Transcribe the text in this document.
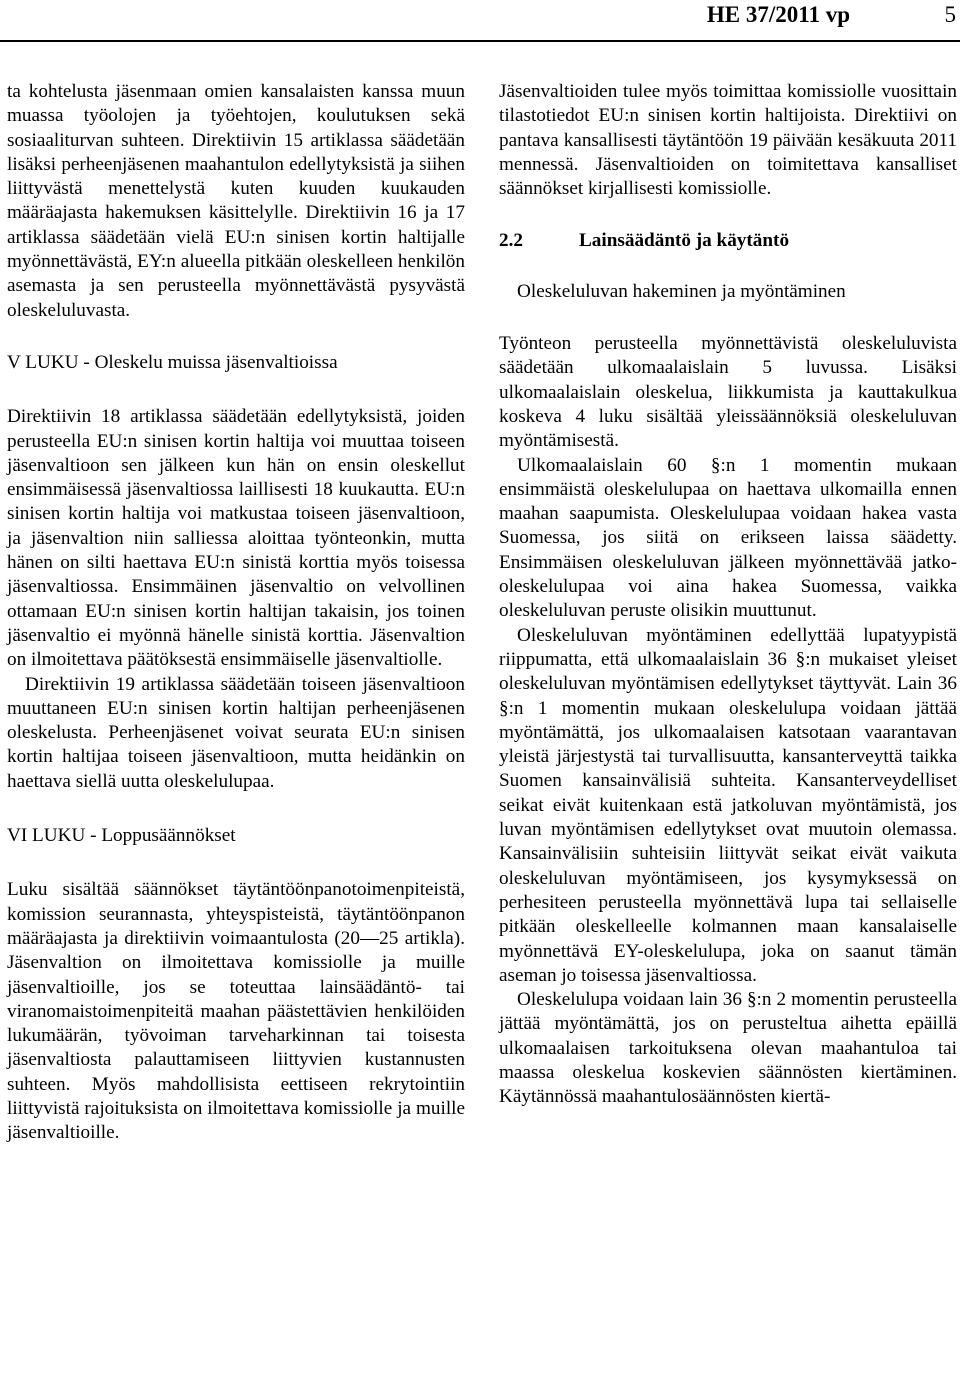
HE 37/2011 vp	5

ta kohtelusta jäsenmaan omien kansalaisten kanssa muun muassa työolojen ja työehtojen, koulutuksen sekä sosiaaliturvan suhteen. Direktiivin 15 artiklassa säädetään lisäksi perheenjäsenen maahantulon edellytyksistä ja siihen liittyvästä menettelystä kuten kuuden kuukauden määräajasta hakemuksen käsittelylle. Direktiivin 16 ja 17 artiklassa säädetään vielä EU:n sinisen kortin haltijalle myönnettävästä, EY:n alueella pitkään oleskelleen henkilön asemasta ja sen perusteella myönnettävästä pysyvästä oleskeluluvasta.

V LUKU - Oleskelu muissa jäsenvaltioissa

Direktiivin 18 artiklassa säädetään edellytyksistä, joiden perusteella EU:n sinisen kortin haltija voi muuttaa toiseen jäsenvaltioon sen jälkeen kun hän on ensin oleskellut ensimmäisessä jäsenvaltiossa laillisesti 18 kuukautta. EU:n sinisen kortin haltija voi matkustaa toiseen jäsenvaltioon, ja jäsenvaltion niin salliessa aloittaa työnteonkin, mutta hänen on silti haettava EU:n sinistä korttia myös toisessa jäsenvaltiossa. Ensimmäinen jäsenvaltio on velvollinen ottamaan EU:n sinisen kortin haltijan takaisin, jos toinen jäsenvaltio ei myönnä hänelle sinistä korttia. Jäsenvaltion on ilmoitettava päätöksestä ensimmäiselle jäsenvaltiolle.

Direktiivin 19 artiklassa säädetään toiseen jäsenvaltioon muuttaneen EU:n sinisen kortin haltijan perheenjäsenen oleskelusta. Perheenjäsenet voivat seurata EU:n sinisen kortin haltijaa toiseen jäsenvaltioon, mutta heidänkin on haettava siellä uutta oleskelulupaa.

VI LUKU - Loppusäännökset

Luku sisältää säännökset täytäntöönpanotoimenpiteistä, komission seurannasta, yhteyspisteistä, täytäntöönpanon määräajasta ja direktiivin voimaantulosta (20—25 artikla). Jäsenvaltion on ilmoitettava komissiolle ja muille jäsenvaltioille, jos se toteuttaa lainsäädäntö- tai viranomaistoimenpiteitä maahan päästettävien henkilöiden lukumäärän, työvoiman tarveharkinnan tai toisesta jäsenvaltiosta palauttamiseen liittyvien kustannusten suhteen. Myös mahdollisista eettiseen rekrytointiin liittyvistä rajoituksista on ilmoitettava komissiolle ja muille jäsenvaltioille.

Jäsenvaltioiden tulee myös toimittaa komissiolle vuosittain tilastotiedot EU:n sinisen kortin haltijoista. Direktiivi on pantava kansallisesti täytäntöön 19 päivään kesäkuuta 2011 mennessä. Jäsenvaltioiden on toimitettava kansalliset säännökset kirjallisesti komissiolle.

2.2	Lainsäädäntö ja käytäntö
Oleskeluluvan hakeminen ja myöntäminen

Työnteon perusteella myönnettävistä oleskeluluvista säädetään ulkomaalaislain 5 luvussa. Lisäksi ulkomaalaislain oleskelua, liikkumista ja kauttakulkua koskeva 4 luku sisältää yleissäännöksiä oleskeluluvan myöntämisestä.

Ulkomaalaislain 60 §:n 1 momentin mukaan ensimmäistä oleskelulupaa on haettava ulkomailla ennen maahan saapumista. Oleskelulupaa voidaan hakea vasta Suomessa, jos siitä on erikseen laissa säädetty. Ensimmäisen oleskeluluvan jälkeen myönnettävää jatko-oleskelulupaa voi aina hakea Suomessa, vaikka oleskeluluvan peruste olisikin muuttunut.

Oleskeluluvan myöntäminen edellyttää lupatyypistä riippumatta, että ulkomaalaislain 36 §:n mukaiset yleiset oleskeluluvan myöntämisen edellytykset täyttyvät. Lain 36 §:n 1 momentin mukaan oleskelulupa voidaan jättää myöntämättä, jos ulkomaalaisen katsotaan vaarantavan yleistä järjestystä tai turvallisuutta, kansanterveyttä taikka Suomen kansainvälisiä suhteita. Kansanterveydelliset seikat eivät kuitenkaan estä jatkoluvan myöntämistä, jos luvan myöntämisen edellytykset ovat muutoin olemassa. Kansainvälisiin suhteisiin liittyvät seikat eivät vaikuta oleskeluluvan myöntämiseen, jos kysymyksessä on perhesiteen perusteella myönnettävä lupa tai sellaiselle pitkään oleskelleelle kolmannen maan kansalaiselle myönnettävä EY-oleskelulupa, joka on saanut tämän aseman jo toisessa jäsenvaltiossa.

Oleskelulupa voidaan lain 36 §:n 2 momentin perusteella jättää myöntämättä, jos on perusteltua aihetta epäillä ulkomaalaisen tarkoituksena olevan maahantuloa tai maassa oleskelua koskevien säännösten kiertäminen. Käytännössä maahantulosäännösten kiertä-
